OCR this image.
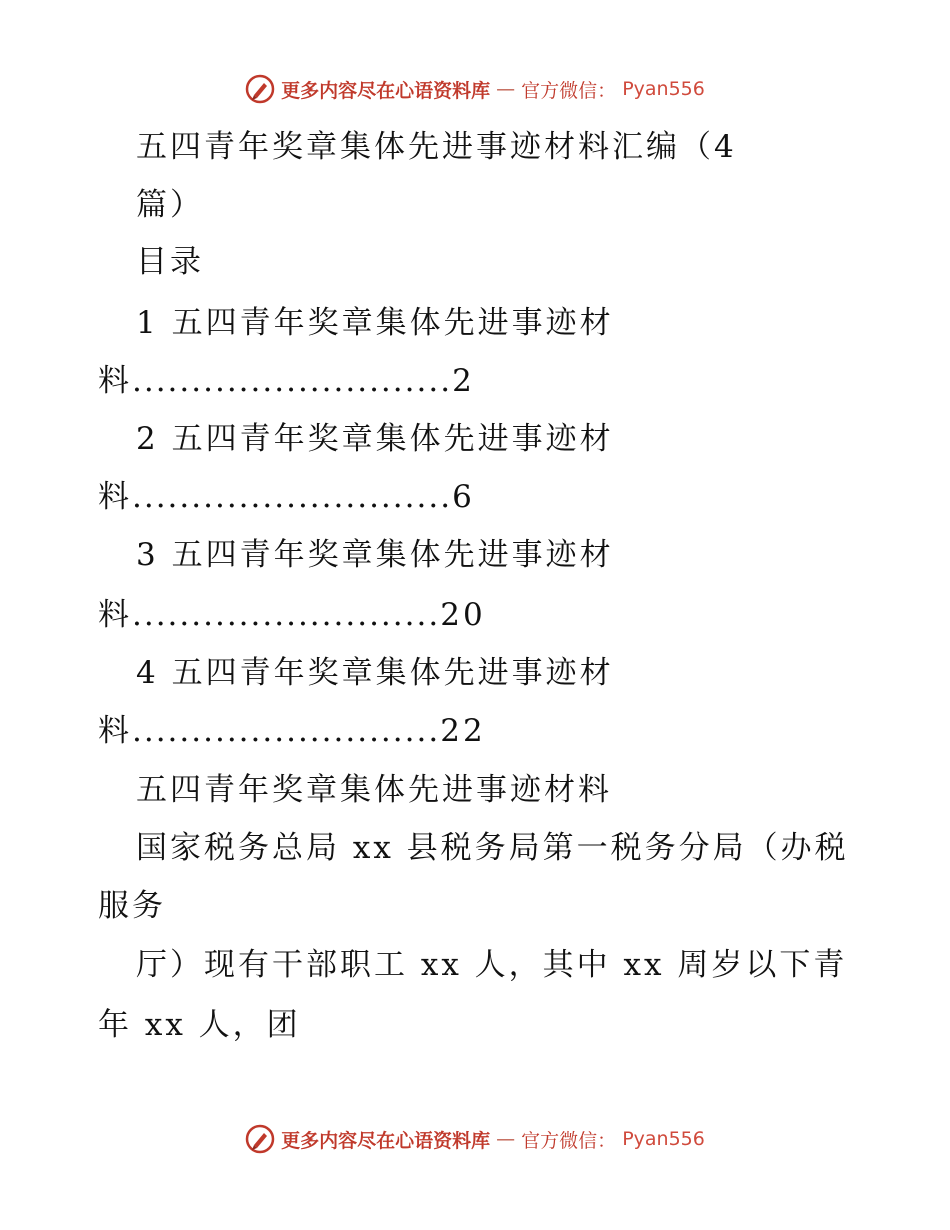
更多内容尽在心语资料库 — 官方微信： Pyan556
五四青年奖章集体先进事迹材料汇编（4
篇）
目录
1 五四青年奖章集体先进事迹材
料...........................2
2 五四青年奖章集体先进事迹材
料...........................6
3 五四青年奖章集体先进事迹材
料..........................20
4 五四青年奖章集体先进事迹材
料..........................22
五四青年奖章集体先进事迹材料
国家税务总局 xx 县税务局第一税务分局（办税
服务
厅）现有干部职工 xx 人，其中 xx 周岁以下青
年 xx 人，团
更多内容尽在心语资料库 — 官方微信： Pyan556
